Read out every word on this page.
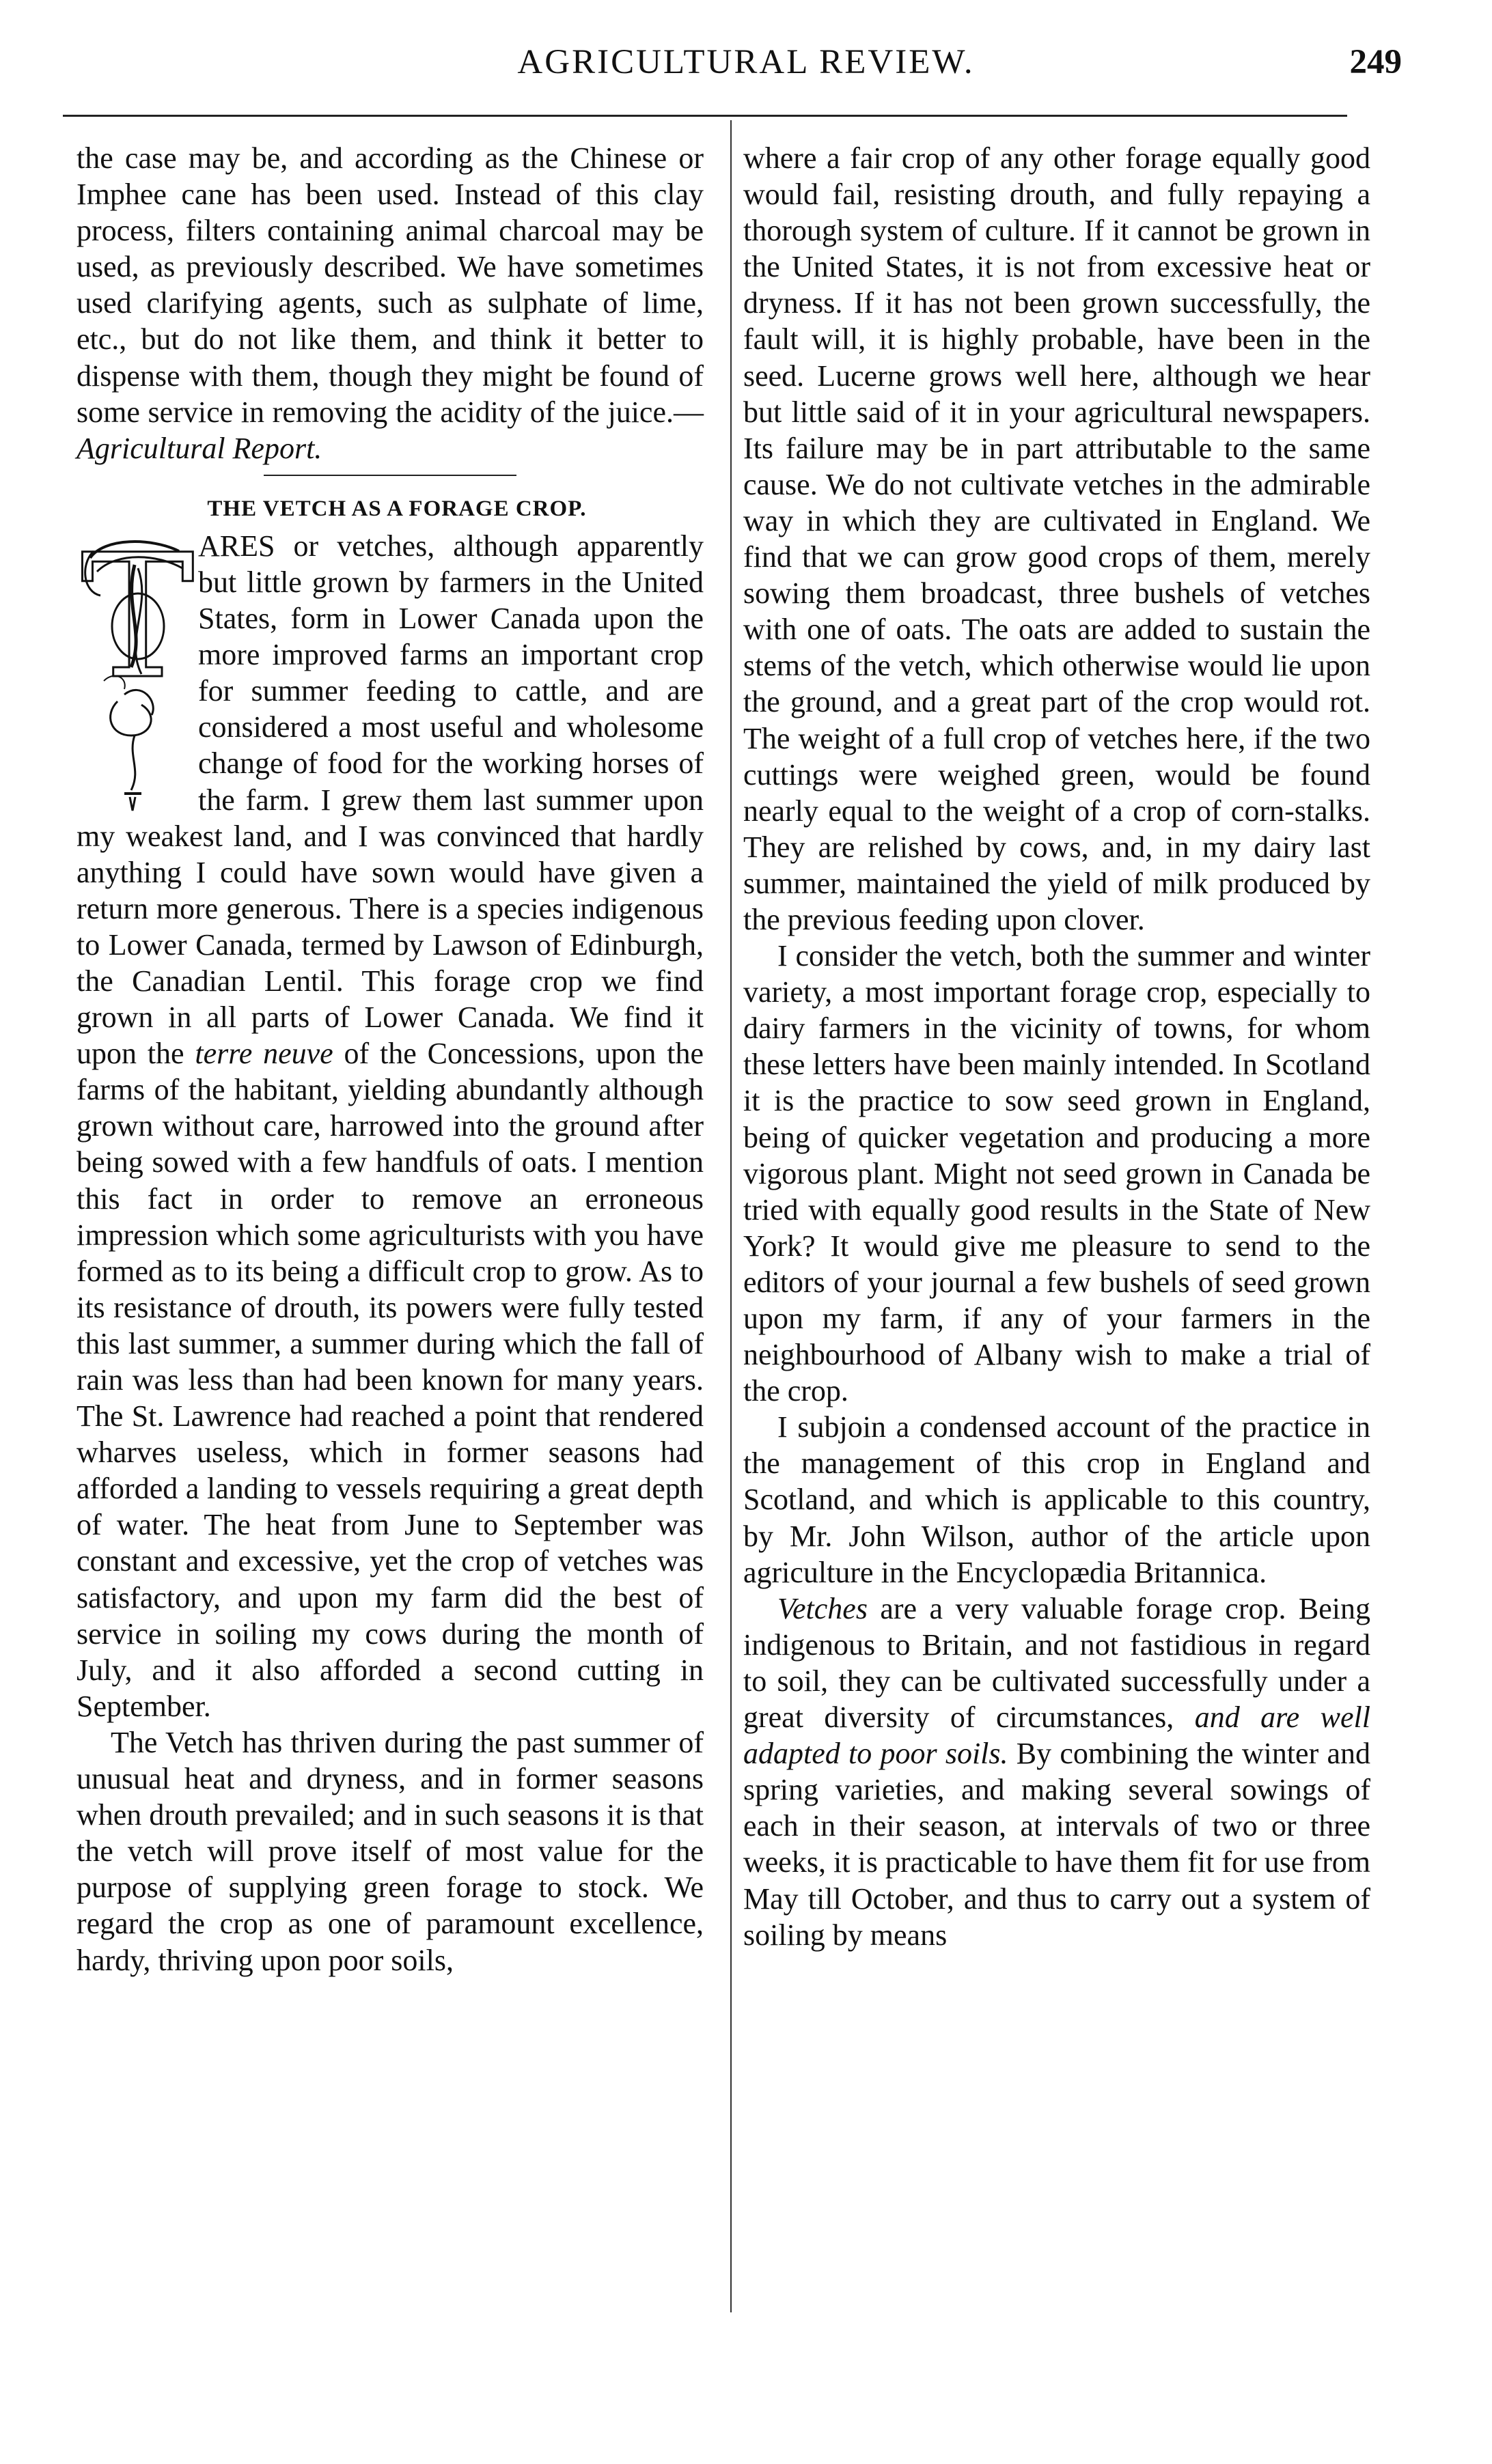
AGRICULTURAL REVIEW.	249

the case may be, and according as the Chinese or Imphee cane has been used. Instead of this clay process, filters containing animal charcoal may be used, as previously described. We have sometimes used clarifying agents, such as sulphate of lime, etc., but do not like them, and think it better to dispense with them, though they might be found of some service in removing the acidity of the juice.—Agricultural Report.

THE VETCH AS A FORAGE CROP.

T ARES or vetches, although apparently but little grown by farmers in the United States, form in Lower Canada upon the more improved farms an important crop for summer feeding to cattle, and are considered a most useful and wholesome change of food for the working horses of the farm. I grew them last summer upon my weakest land, and I was convinced that hardly anything I could have sown would have given a return more generous. There is a species indigenous to Lower Canada, termed by Lawson of Edinburgh, the Canadian Lentil. This forage crop we find grown in all parts of Lower Canada. We find it upon the terre neuve of the Concessions, upon the farms of the habitant, yielding abundantly although grown without care, harrowed into the ground after being sowed with a few handfuls of oats. I mention this fact in order to remove an erroneous impression which some agriculturists with you have formed as to its being a difficult crop to grow. As to its resistance of drouth, its powers were fully tested this last summer, a summer during which the fall of rain was less than had been known for many years. The St. Lawrence had reached a point that rendered wharves useless, which in former seasons had afforded a landing to vessels requiring a great depth of water. The heat from June to September was constant and excessive, yet the crop of vetches was satisfactory, and upon my farm did the best of service in soiling my cows during the month of July, and it also afforded a second cutting in September.

The Vetch has thriven during the past summer of unusual heat and dryness, and in former seasons when drouth prevailed; and in such seasons it is that the vetch will prove itself of most value for the purpose of supplying green forage to stock. We regard the crop as one of paramount excellence, hardy, thriving upon poor soils,

where a fair crop of any other forage equally good would fail, resisting drouth, and fully repaying a thorough system of culture. If it cannot be grown in the United States, it is not from excessive heat or dryness. If it has not been grown successfully, the fault will, it is highly probable, have been in the seed. Lucerne grows well here, although we hear but little said of it in your agricultural newspapers. Its failure may be in part attributable to the same cause. We do not cultivate vetches in the admirable way in which they are cultivated in England. We find that we can grow good crops of them, merely sowing them broadcast, three bushels of vetches with one of oats. The oats are added to sustain the stems of the vetch, which otherwise would lie upon the ground, and a great part of the crop would rot. The weight of a full crop of vetches here, if the two cuttings were weighed green, would be found nearly equal to the weight of a crop of corn-stalks. They are relished by cows, and, in my dairy last summer, maintained the yield of milk produced by the previous feeding upon clover.

I consider the vetch, both the summer and winter variety, a most important forage crop, especially to dairy farmers in the vicinity of towns, for whom these letters have been mainly intended. In Scotland it is the practice to sow seed grown in England, being of quicker vegetation and producing a more vigorous plant. Might not seed grown in Canada be tried with equally good results in the State of New York? It would give me pleasure to send to the editors of your journal a few bushels of seed grown upon my farm, if any of your farmers in the neighbourhood of Albany wish to make a trial of the crop.

I subjoin a condensed account of the practice in the management of this crop in England and Scotland, and which is applicable to this country, by Mr. John Wilson, author of the article upon agriculture in the Encyclopædia Britannica.

Vetches are a very valuable forage crop. Being indigenous to Britain, and not fastidious in regard to soil, they can be cultivated successfully under a great diversity of circumstances, and are well adapted to poor soils. By combining the winter and spring varieties, and making several sowings of each in their season, at intervals of two or three weeks, it is practicable to have them fit for use from May till October, and thus to carry out a system of soiling by means
